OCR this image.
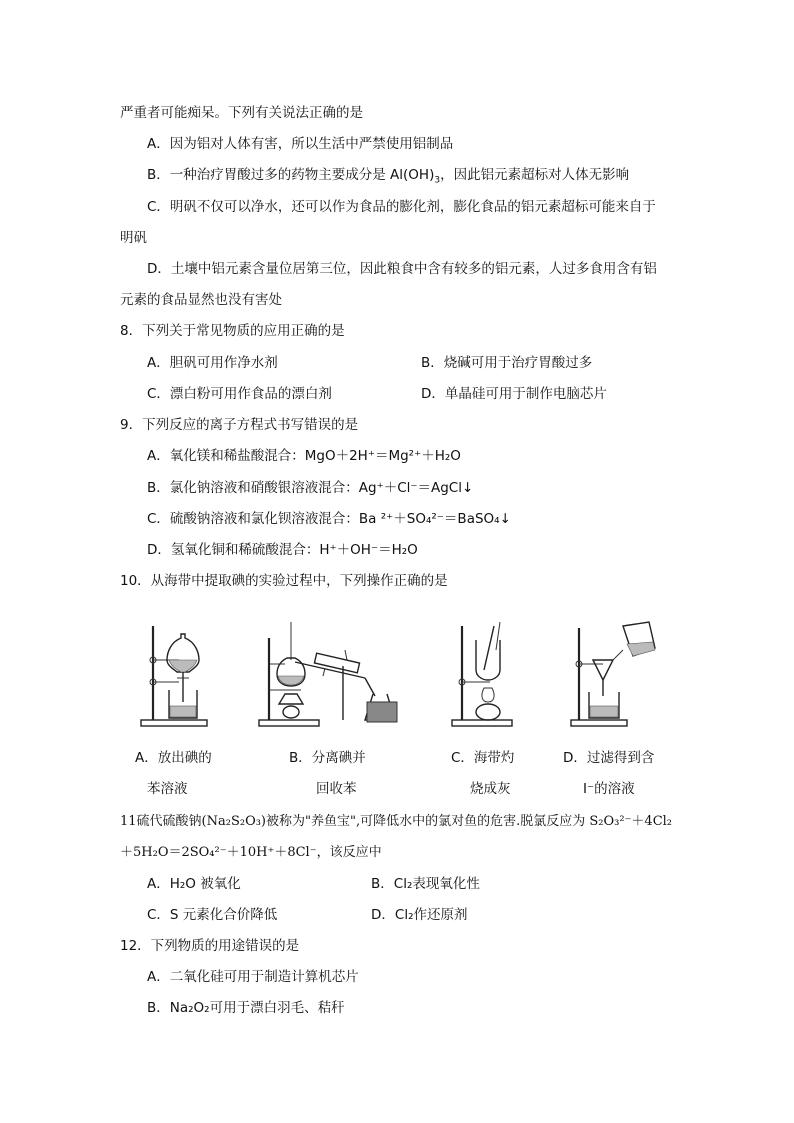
严重者可能痴呆。下列有关说法正确的是
A．因为铝对人体有害，所以生活中严禁使用铝制品
B．一种治疗胃酸过多的药物主要成分是 $Al(OH)_3$，因此铝元素超标对人体无影响
C．明矾不仅可以净水，还可以作为食品的膨化剂，膨化食品的铝元素超标可能来自于
明矾
D．土壤中铝元素含量位居第三位，因此粮食中含有较多的铝元素，人过多食用含有铝
元素的食品显然也没有害处
8．下列关于常见物质的应用正确的是
A．胆矾可用作净水剂	B．烧碱可用于治疗胃酸过多
C．漂白粉可用作食品的漂白剂	D．单晶硅可用于制作电脑芯片
9．下列反应的离子方程式书写错误的是
A．氧化镁和稀盐酸混合：MgO＋2H⁺＝Mg²⁺＋H₂O
B．氯化钠溶液和硝酸银溶液混合：Ag⁺＋Cl⁻＝AgCl↓
C．硫酸钠溶液和氯化钡溶液混合：Ba ²⁺＋SO₄²⁻＝BaSO₄↓
D．氢氧化铜和稀硫酸混合：H⁺＋OH⁻＝H₂O
10．从海带中提取碘的实验过程中，下列操作正确的是
A．放出碘的
苯溶液
B．分离碘并
回收苯
C．海带灼
烧成灰
D．过滤得到含
I⁻的溶液
11硫代硫酸钠(Na₂S₂O₃)被称为"养鱼宝",可降低水中的氯对鱼的危害.脱氯反应为 S₂O₃²⁻＋4Cl₂
＋5H₂O＝2SO₄²⁻＋10H⁺＋8Cl⁻，该反应中
A．H₂O 被氧化	B．Cl₂表现氧化性
C．S 元素化合价降低	D．Cl₂作还原剂
12．下列物质的用途错误的是
A．二氧化硅可用于制造计算机芯片
B．Na₂O₂可用于漂白羽毛、秸秆
